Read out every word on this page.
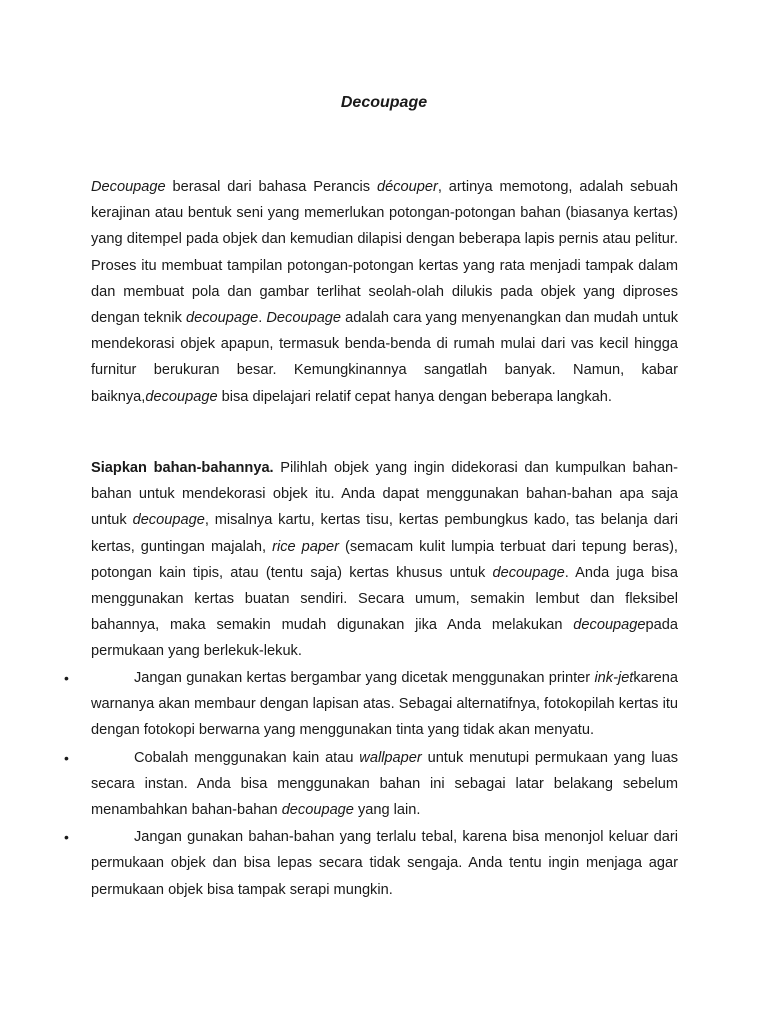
Decoupage

Decoupage berasal dari bahasa Perancis découper, artinya memotong, adalah sebuah kerajinan atau bentuk seni yang memerlukan potongan-potongan bahan (biasanya kertas) yang ditempel pada objek dan kemudian dilapisi dengan beberapa lapis pernis atau pelitur. Proses itu membuat tampilan potongan-potongan kertas yang rata menjadi tampak dalam dan membuat pola dan gambar terlihat seolah-olah dilukis pada objek yang diproses dengan teknik decoupage. Decoupage adalah cara yang menyenangkan dan mudah untuk mendekorasi objek apapun, termasuk benda-benda di rumah mulai dari vas kecil hingga furnitur berukuran besar. Kemungkinannya sangatlah banyak. Namun, kabar baiknya,decoupage bisa dipelajari relatif cepat hanya dengan beberapa langkah.

Siapkan bahan-bahannya. Pilihlah objek yang ingin didekorasi dan kumpulkan bahan-bahan untuk mendekorasi objek itu. Anda dapat menggunakan bahan-bahan apa saja untuk decoupage, misalnya kartu, kertas tisu, kertas pembungkus kado, tas belanja dari kertas, guntingan majalah, rice paper (semacam kulit lumpia terbuat dari tepung beras), potongan kain tipis, atau (tentu saja) kertas khusus untuk decoupage. Anda juga bisa menggunakan kertas buatan sendiri. Secara umum, semakin lembut dan fleksibel bahannya, maka semakin mudah digunakan jika Anda melakukan decoupagepada permukaan yang berlekuk-lekuk.

•	Jangan gunakan kertas bergambar yang dicetak menggunakan printer ink-jetkarena warnanya akan membaur dengan lapisan atas. Sebagai alternatifnya, fotokopilah kertas itu dengan fotokopi berwarna yang menggunakan tinta yang tidak akan menyatu.
•	Cobalah menggunakan kain atau wallpaper untuk menutupi permukaan yang luas secara instan. Anda bisa menggunakan bahan ini sebagai latar belakang sebelum menambahkan bahan-bahan decoupage yang lain.
•	Jangan gunakan bahan-bahan yang terlalu tebal, karena bisa menonjol keluar dari permukaan objek dan bisa lepas secara tidak sengaja. Anda tentu ingin menjaga agar permukaan objek bisa tampak serapi mungkin.
